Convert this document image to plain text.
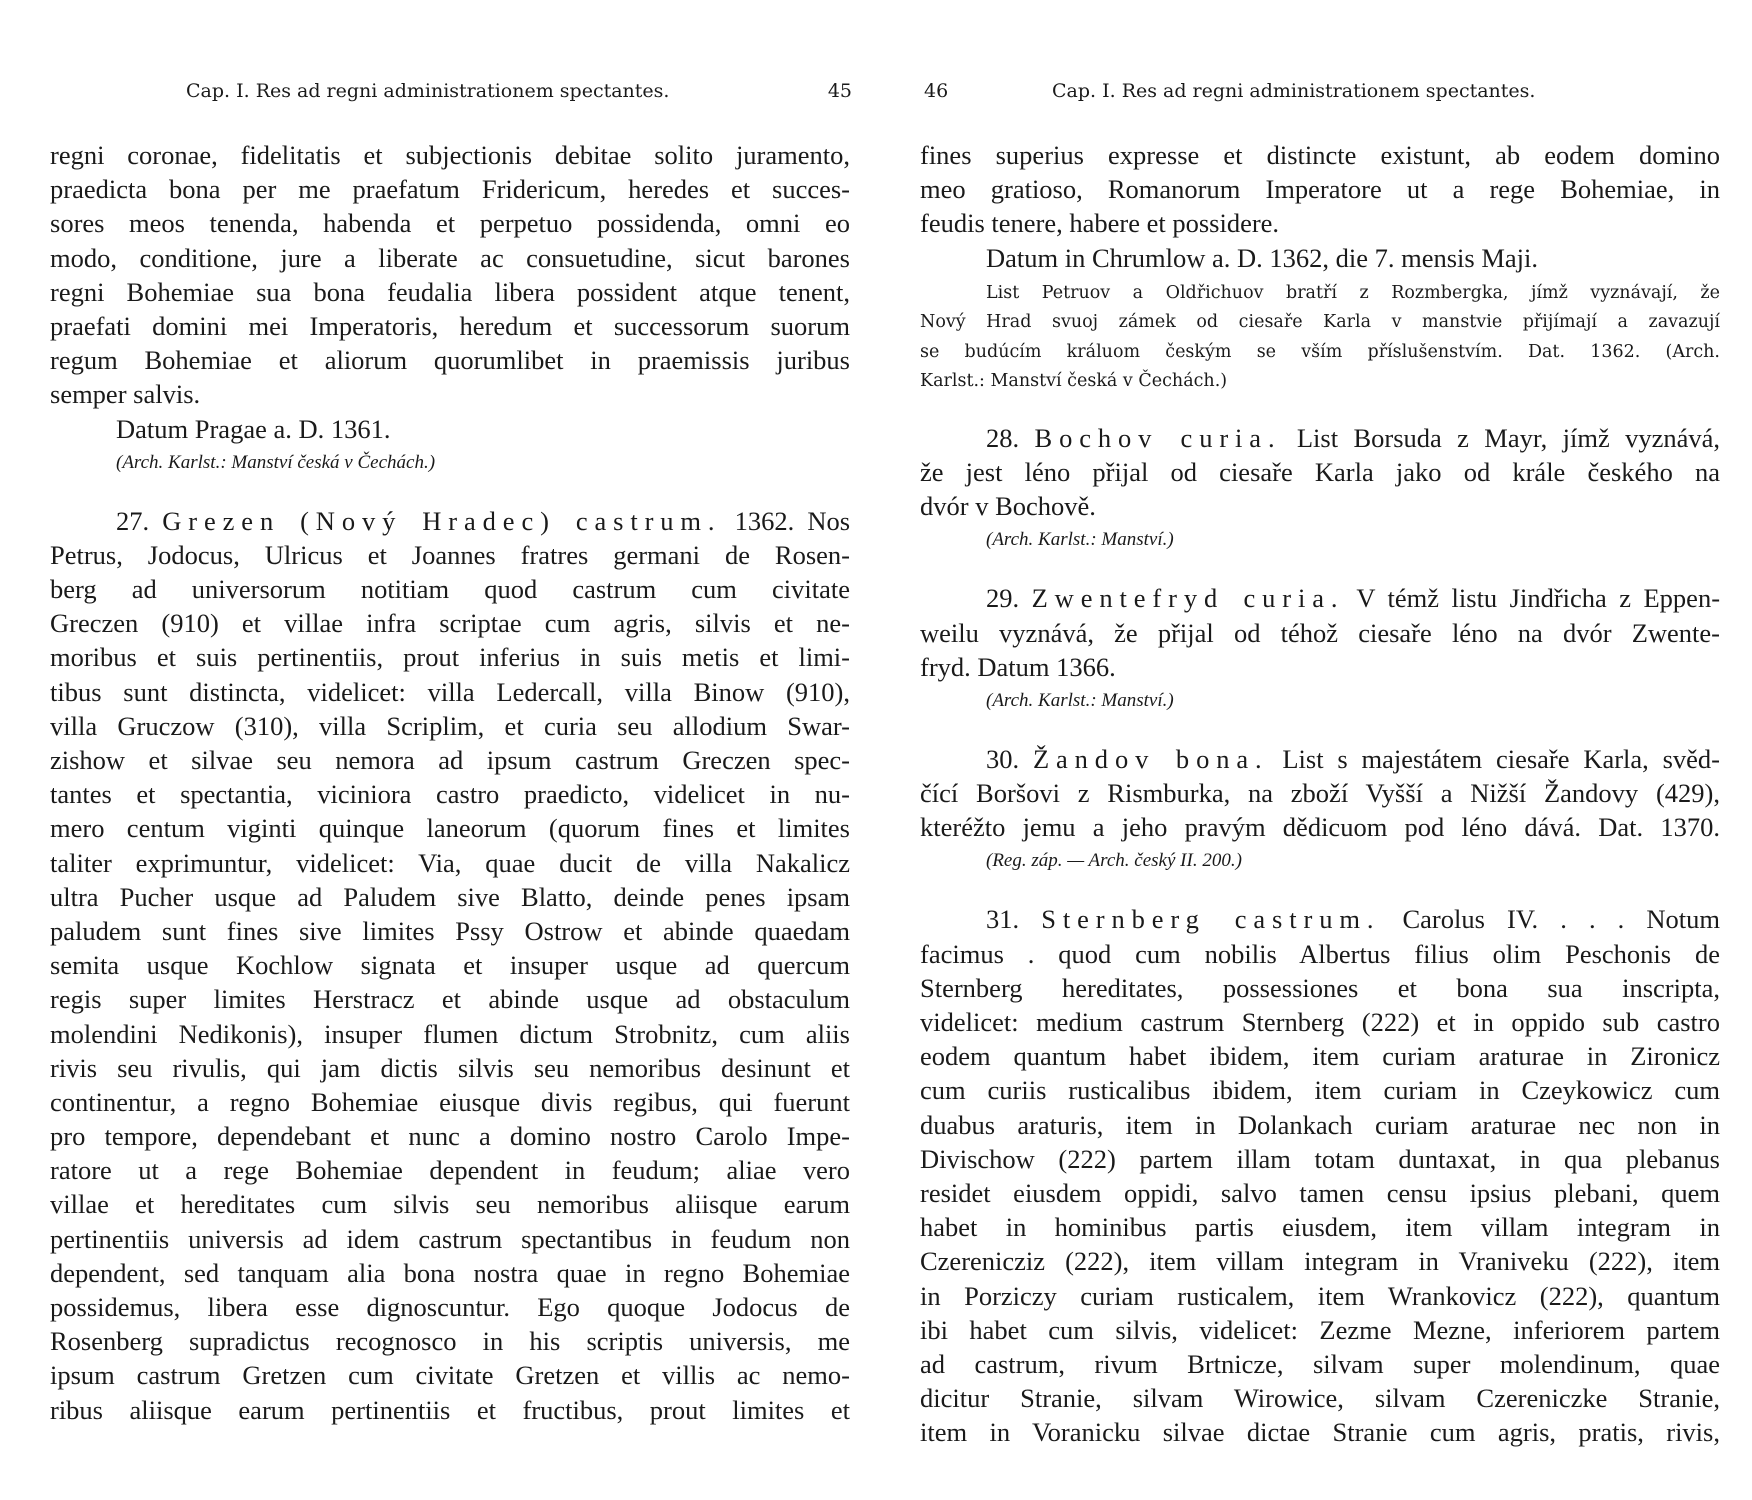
Cap. I. Res ad regni administrationem spectantes.	45
regni coronae, fidelitatis et subjectionis debitae solito juramento,
praedicta bona per me praefatum Fridericum, heredes et succes-
sores meos tenenda, habenda et perpetuo possidenda, omni eo
modo, conditione, jure a liberate ac consuetudine, sicut barones
regni Bohemiae sua bona feudalia libera possident atque tenent,
praefati domini mei Imperatoris, heredum et successorum suorum
regum Bohemiae et aliorum quorumlibet in praemissis juribus
semper salvis.
Datum Pragae a. D. 1361.
(Arch. Karlst.: Manství česká v Čechách.)
27. Grezen (Nový Hradec) castrum. 1362. Nos
Petrus, Jodocus, Ulricus et Joannes fratres germani de Rosen-
berg ad universorum notitiam quod castrum cum civitate
Greczen (910) et villae infra scriptae cum agris, silvis et ne-
moribus et suis pertinentiis, prout inferius in suis metis et limi-
tibus sunt distincta, videlicet: villa Ledercall, villa Binow (910),
villa Gruczow (310), villa Scriplim, et curia seu allodium Swar-
zishow et silvae seu nemora ad ipsum castrum Greczen spec-
tantes et spectantia, viciniora castro praedicto, videlicet in nu-
mero centum viginti quinque laneorum (quorum fines et limites
taliter exprimuntur, videlicet: Via, quae ducit de villa Nakalicz
ultra Pucher usque ad Paludem sive Blatto, deinde penes ipsam
paludem sunt fines sive limites Pssy Ostrow et abinde quaedam
semita usque Kochlow signata et insuper usque ad quercum
regis super limites Herstracz et abinde usque ad obstaculum
molendini Nedikonis), insuper flumen dictum Strobnitz, cum aliis
rivis seu rivulis, qui jam dictis silvis seu nemoribus desinunt et
continentur, a regno Bohemiae eiusque divis regibus, qui fuerunt
pro tempore, dependebant et nunc a domino nostro Carolo Impe-
ratore ut a rege Bohemiae dependent in feudum; aliae vero
villae et hereditates cum silvis seu nemoribus aliisque earum
pertinentiis universis ad idem castrum spectantibus in feudum non
dependent, sed tanquam alia bona nostra quae in regno Bohemiae
possidemus, libera esse dignoscuntur. Ego quoque Jodocus de
Rosenberg supradictus recognosco in his scriptis universis, me
ipsum castrum Gretzen cum civitate Gretzen et villis ac nemo-
ribus aliisque earum pertinentiis et fructibus, prout limites et
46	Cap. I. Res ad regni administrationem spectantes.
fines superius expresse et distincte existunt, ab eodem domino
meo gratioso, Romanorum Imperatore ut a rege Bohemiae, in
feudis tenere, habere et possidere.
Datum in Chrumlow a. D. 1362, die 7. mensis Maji.
List Petruov a Oldřichuov bratří z Rozmbergka, jímž vyznávají, že
Nový Hrad svuoj zámek od ciesaře Karla v manstvie přijímají a zavazují
se budúcím králuom českým se vším příslušenstvím. Dat. 1362. (Arch.
Karlst.: Manství česká v Čechách.)
28. Bochov curia. List Borsuda z Mayr, jímž vyznává,
že jest léno přijal od ciesaře Karla jako od krále českého na
dvór v Bochově.
(Arch. Karlst.: Manství.)
29. Zwentefryd curia. V témž listu Jindřicha z Eppen-
weilu vyznává, že přijal od téhož ciesaře léno na dvór Zwente-
fryd. Datum 1366.
(Arch. Karlst.: Manství.)
30. Žandov bona. List s majestátem ciesaře Karla, svěd-
čící Boršovi z Rismburka, na zboží Vyšší a Nižší Žandovy (429),
kteréžto jemu a jeho pravým dědicuom pod léno dává. Dat. 1370.
(Reg. záp. — Arch. český II. 200.)
31. Sternberg castrum. Carolus IV. . . . Notum
facimus . quod cum nobilis Albertus filius olim Peschonis de
Sternberg hereditates, possessiones et bona sua inscripta,
videlicet: medium castrum Sternberg (222) et in oppido sub castro
eodem quantum habet ibidem, item curiam araturae in Zironicz
cum curiis rusticalibus ibidem, item curiam in Czeykowicz cum
duabus araturis, item in Dolankach curiam araturae nec non in
Divischow (222) partem illam totam duntaxat, in qua plebanus
residet eiusdem oppidi, salvo tamen censu ipsius plebani, quem
habet in hominibus partis eiusdem, item villam integram in
Czerenicziz (222), item villam integram in Vraniveku (222), item
in Porziczy curiam rusticalem, item Wrankovicz (222), quantum
ibi habet cum silvis, videlicet: Zezme Mezne, inferiorem partem
ad castrum, rivum Brtnicze, silvam super molendinum, quae
dicitur Stranie, silvam Wirowice, silvam Czereniczke Stranie,
item in Voranicku silvae dictae Stranie cum agris, pratis, rivis,
